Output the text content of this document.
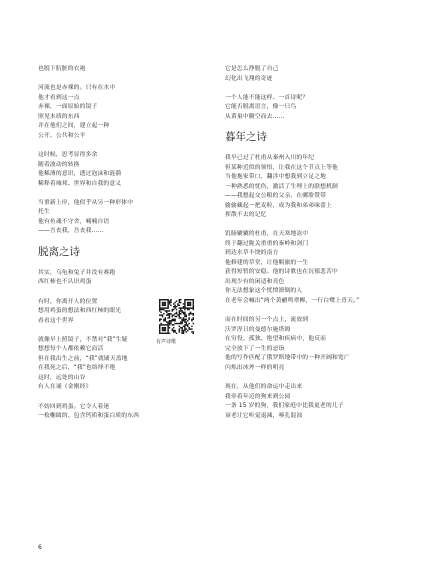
也脱下肮脏的衣袍
河流也是赤裸的。只有在水中
他才看到这一点
赤裸，一面原始的镜子
照见本质的东西
并在他们之间，建立起一种
公开、公共和公平
这时候，思考显得多余
随着波动的转换
他稀薄的意识，透过泡沫和涟漪
稀释着城邦、世界和自我的意义
当重新上岸，他似乎从另一种形体中
托生
他有鱼魂不守舍，喃喃自语
——吾丧我，吾丧我……
脱离之诗
其实，乌龟和兔子并没有赛跑
西红柿也不认识鸡蛋
有时，你离开人的位置
想用鸡蛋的想法和西红柿的眼光
看看这个世界
就像早上照镜子，不禁对“我”生疑
想想每个人都依赖它而活
但在我出生之前，“我”就铺天盖地
在我死之后，“我”也络绎不绝
这时，远处的山谷
有人在诵《金刚经》
不妨回到鸡蛋。它令人着迷
一枚椭圆的、包含钙质和蛋白质的东西
它是怎么挣脱了自己
幻化出飞翔的奇迹
一个人能不能这样。一首诗呢？
它能否脱离语言，像一只鸟
从黄巢中腾空而去……
暮年之诗
我早已过了杜甫从秦州入川的年纪
但某种近似的领悟，让我在这个节点上等他
当他拖家带口，翻涉中想我到立足之地
一种熟悉的忧伤，激活了生理上的联想机制
——我想起交公粮的父亲，在骡脸赞带
偷偷藏起一把麦粒，成为我和弟弟味蕾上
挥散不去的记忆
饥肠辘辘的杜甫，在天寒地冻中
终于翻过陇关重重的秦岭和剑门
到达水草丰饶的南方
他修建的草堂，让他羁旅的一生
获得短暂的安稳。他的诗歌也在沉郁悲苦中
出现少有的闲适和亮色
你无法想象这个忧愤潦倒的人
在老年会喊出“两个黄鹂鸣翠柳，一行白鹭上青天。”
而在时间的另一个点上，流放到
沃罗涅日的曼德尔施塔姆
在穷役、孤独、绝望和疾病中，他反而
完全放下了一生的忌诣
他的写作匹配了俄罗斯地带中的一种开阔和宽广
闪烁出冰斧一样的明亮
现在，从他们的命运中走出来
我牵着年迈的狗来到公园
一条 15 岁的狗，我们家庭中比我更老的儿子
衰老让它听觉退减，嗅孔混浊
有声诗歌
6
